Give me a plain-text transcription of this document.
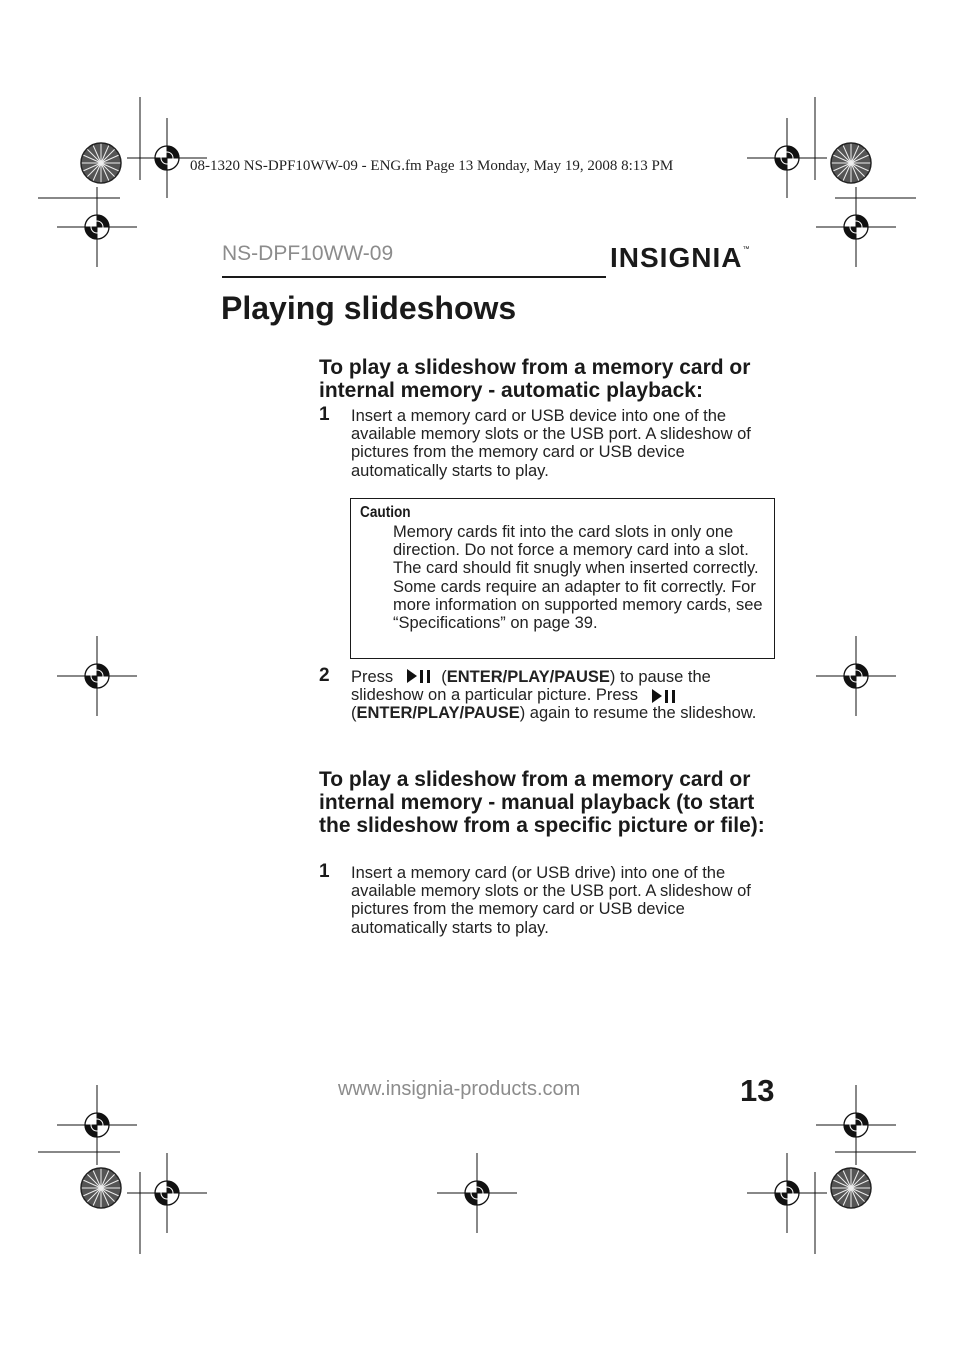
08-1320 NS-DPF10WW-09 - ENG.fm Page 13 Monday, May 19, 2008 8:13 PM
NS-DPF10WW-09	INSIGNIA™
Playing slideshows
To play a slideshow from a memory card or internal memory - automatic playback:
1 Insert a memory card or USB device into one of the available memory slots or the USB port. A slideshow of pictures from the memory card or USB device automatically starts to play.
Caution
Memory cards fit into the card slots in only one direction. Do not force a memory card into a slot. The card should fit snugly when inserted correctly. Some cards require an adapter to fit correctly. For more information on supported memory cards, see “Specifications” on page 39.
2 Press	(ENTER/PLAY/PAUSE) to pause the slideshow on a particular picture. Press
(ENTER/PLAY/PAUSE) again to resume the slideshow.
To play a slideshow from a memory card or internal memory - manual playback (to start the slideshow from a specific picture or file):
1 Insert a memory card (or USB drive) into one of the available memory slots or the USB port. A slideshow of pictures from the memory card or USB device automatically starts to play.
www.insignia-products.com	13
